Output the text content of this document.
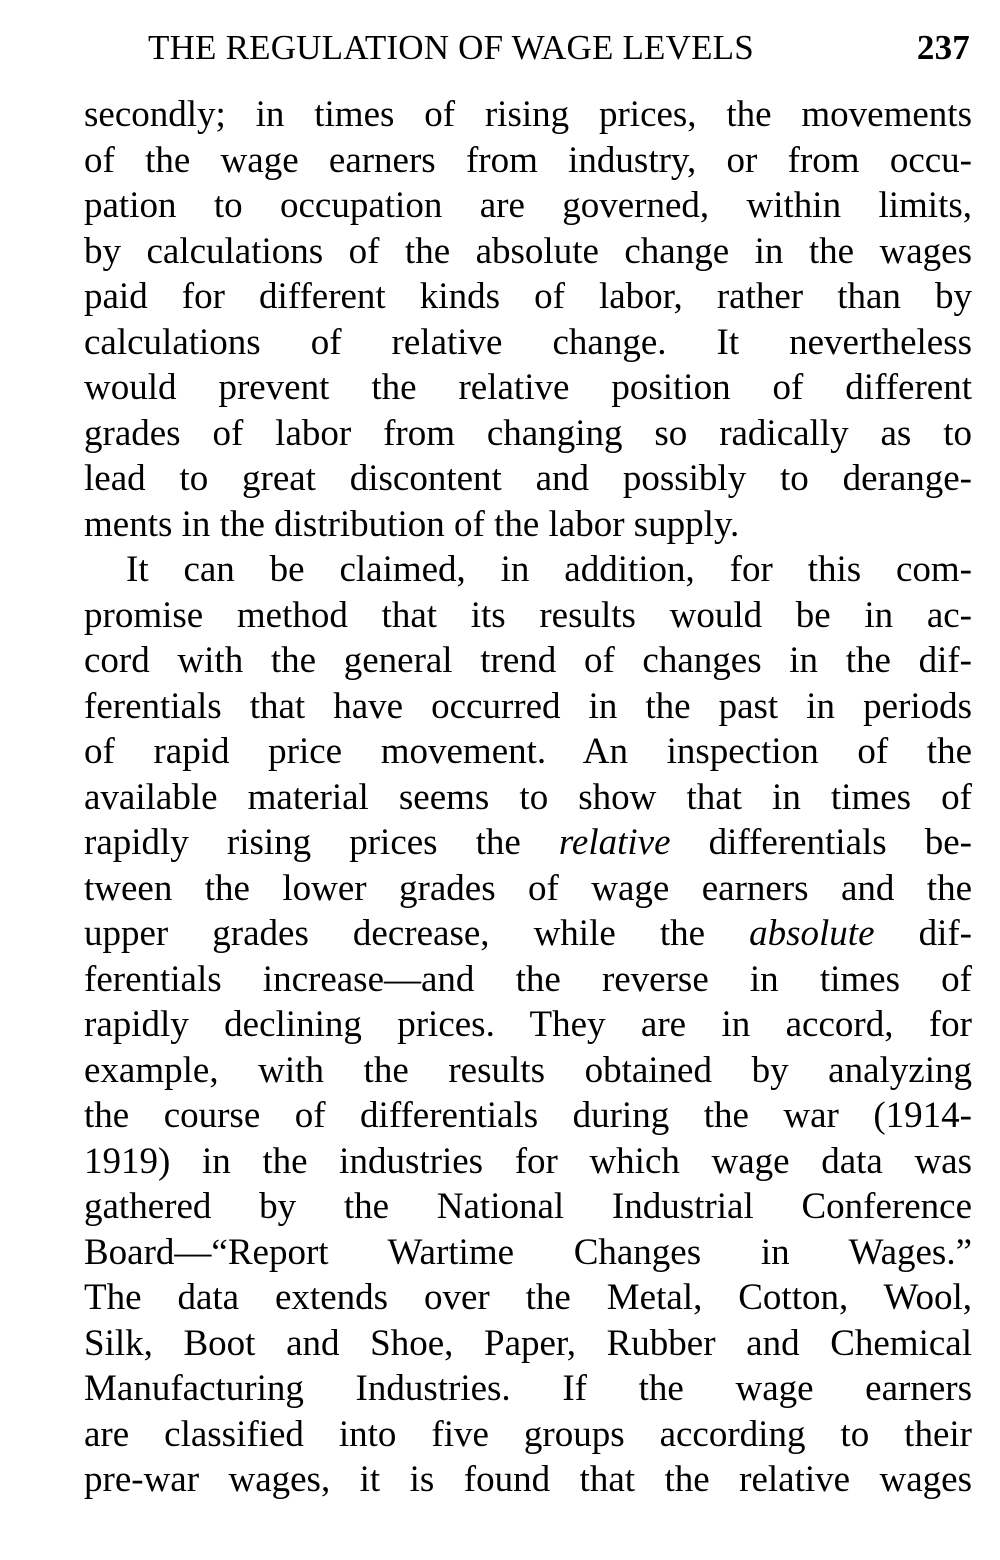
THE REGULATION OF WAGE LEVELS	237
secondly; in times of rising prices, the movements
of the wage earners from industry, or from occu-
pation to occupation are governed, within limits,
by calculations of the absolute change in the wages
paid for different kinds of labor, rather than by
calculations of relative change. It nevertheless
would prevent the relative position of different
grades of labor from changing so radically as to
lead to great discontent and possibly to derange-
ments in the distribution of the labor supply.
It can be claimed, in addition, for this com-
promise method that its results would be in ac-
cord with the general trend of changes in the dif-
ferentials that have occurred in the past in periods
of rapid price movement. An inspection of the
available material seems to show that in times of
rapidly rising prices the relative differentials be-
tween the lower grades of wage earners and the
upper grades decrease, while the absolute dif-
ferentials increase—and the reverse in times of
rapidly declining prices. They are in accord, for
example, with the results obtained by analyzing
the course of differentials during the war (1914-
1919) in the industries for which wage data was
gathered by the National Industrial Conference
Board—“Report Wartime Changes in Wages.”
The data extends over the Metal, Cotton, Wool,
Silk, Boot and Shoe, Paper, Rubber and Chemical
Manufacturing Industries. If the wage earners
are classified into five groups according to their
pre-war wages, it is found that the relative wages
